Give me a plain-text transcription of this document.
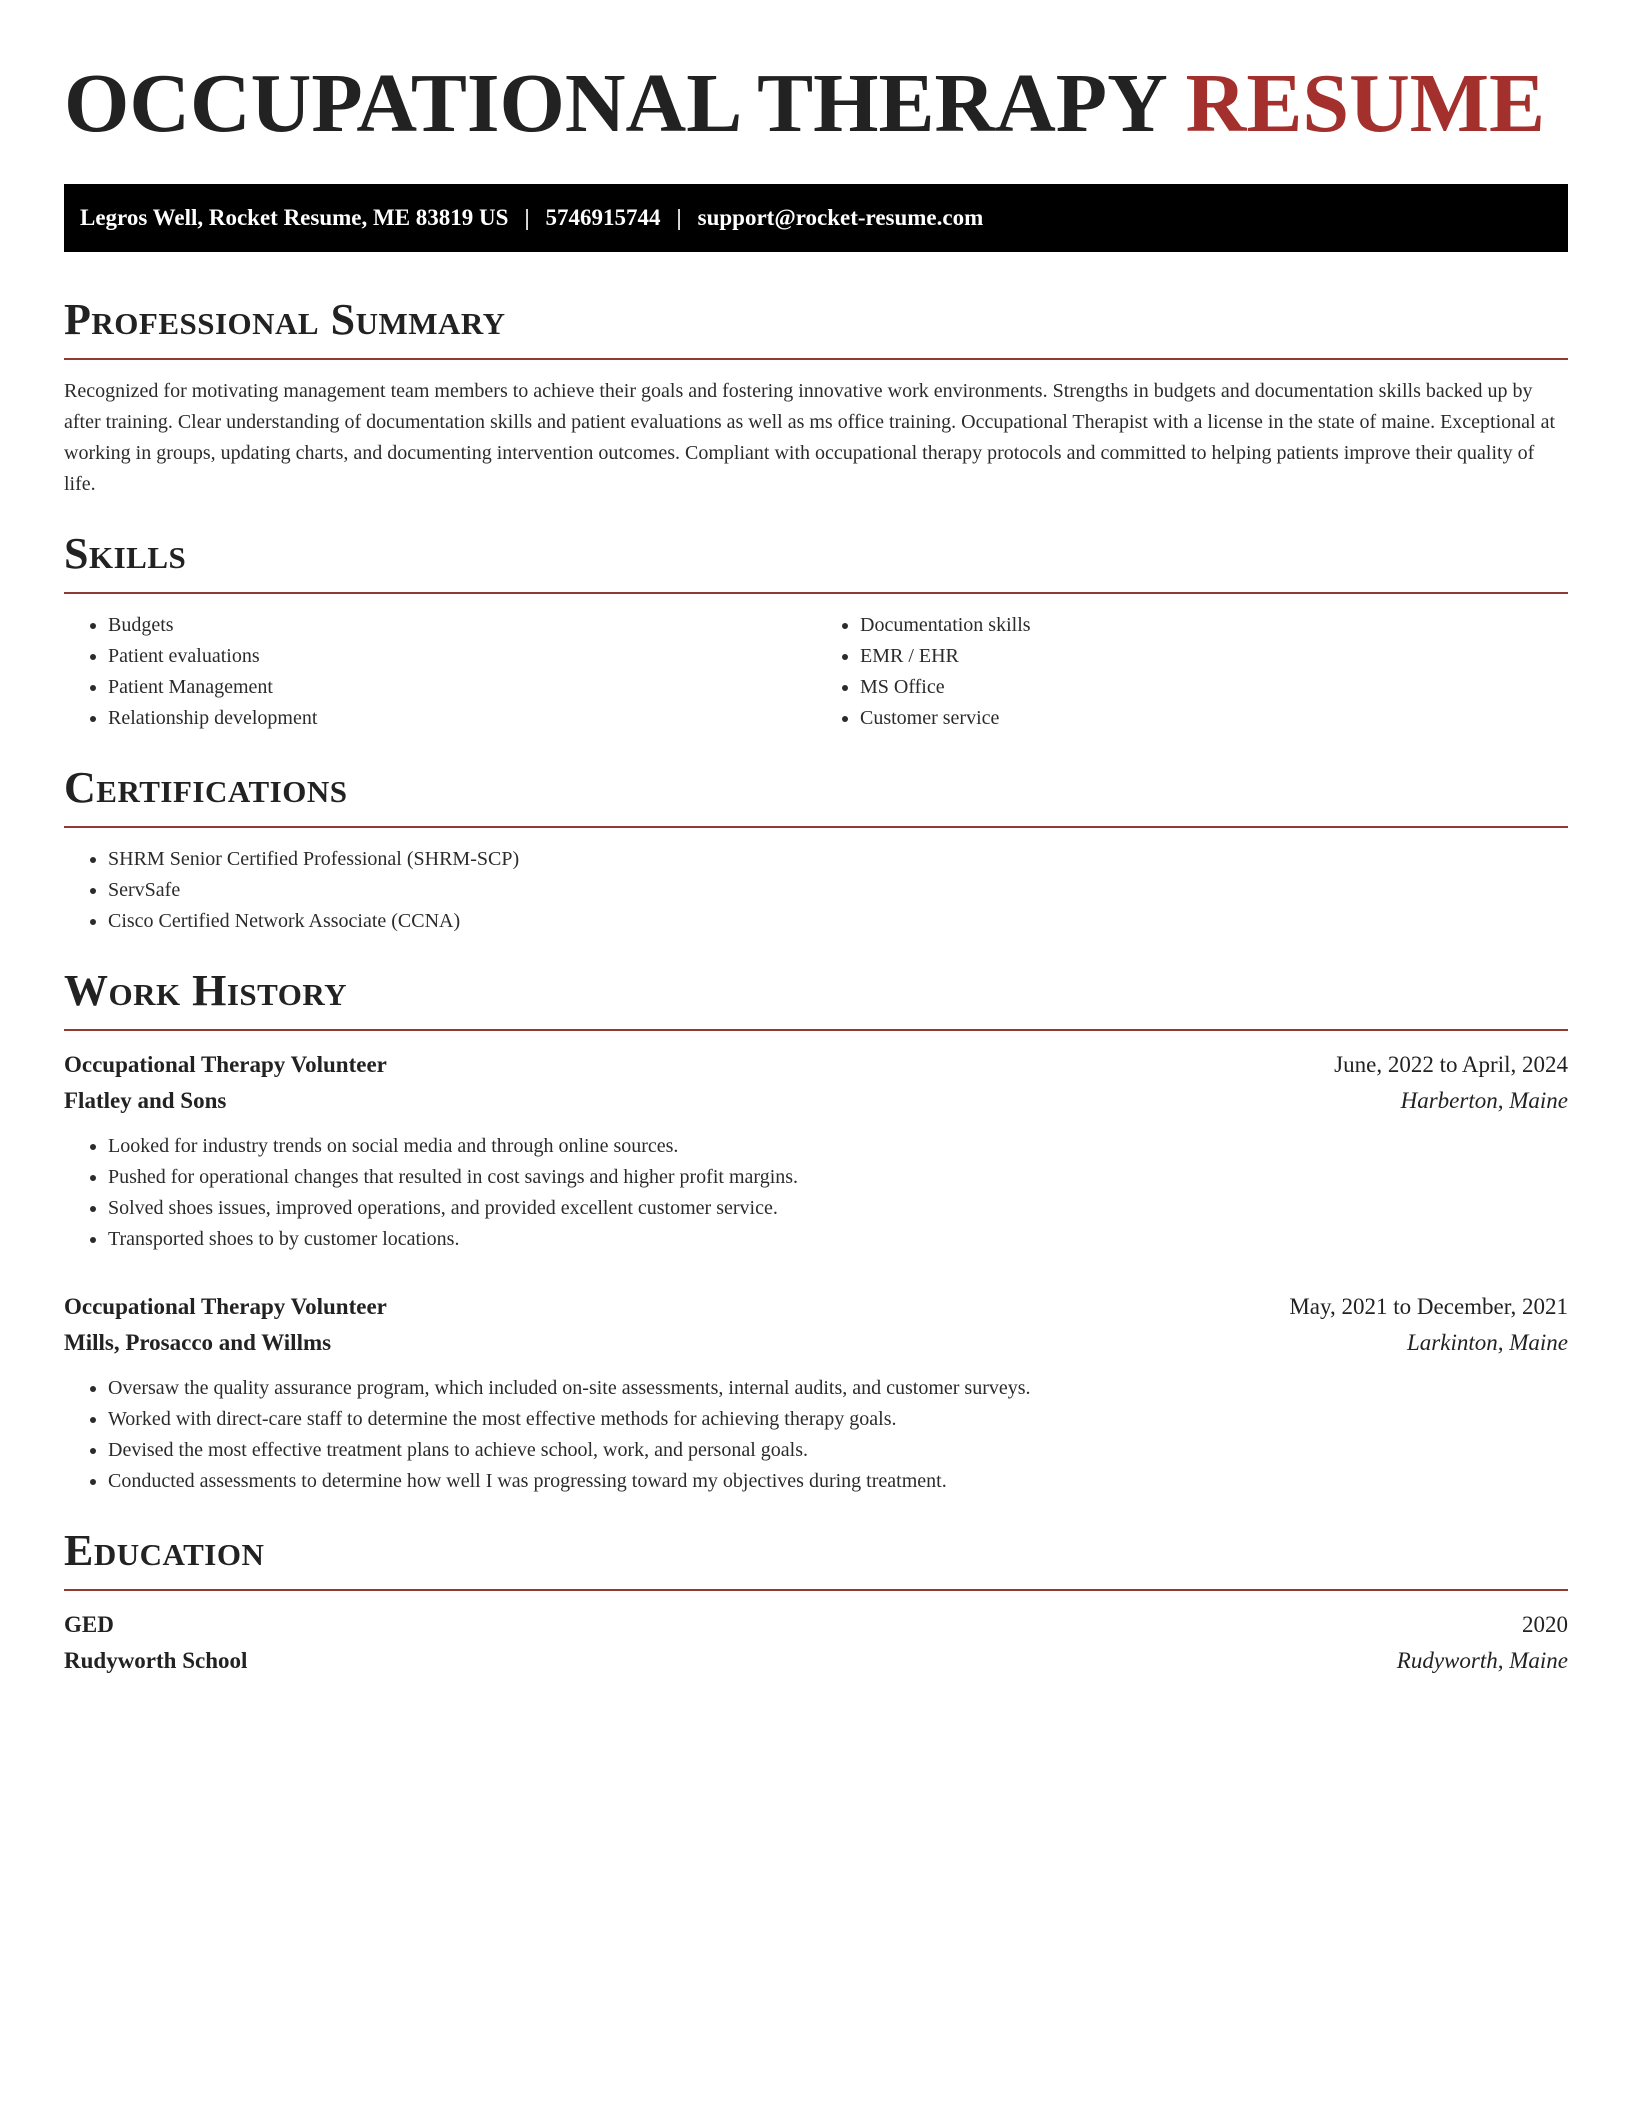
OCCUPATIONAL THERAPY RESUME
Legros Well, Rocket Resume, ME 83819 US | 5746915744 | support@rocket-resume.com
Professional Summary

Recognized for motivating management team members to achieve their goals and fostering innovative work environments. Strengths in budgets and documentation skills backed up by after training. Clear understanding of documentation skills and patient evaluations as well as ms office training. Occupational Therapist with a license in the state of maine. Exceptional at working in groups, updating charts, and documenting intervention outcomes. Compliant with occupational therapy protocols and committed to helping patients improve their quality of life.

Skills
• Budgets
• Patient evaluations
• Patient Management
• Relationship development
• Documentation skills
• EMR / EHR
• MS Office
• Customer service
Certifications
• SHRM Senior Certified Professional (SHRM-SCP)
• ServSafe
• Cisco Certified Network Associate (CCNA)
Work History
Occupational Therapy Volunteer	June, 2022 to April, 2024
Flatley and Sons	Harberton, Maine
• Looked for industry trends on social media and through online sources.
• Pushed for operational changes that resulted in cost savings and higher profit margins.
• Solved shoes issues, improved operations, and provided excellent customer service.
• Transported shoes to by customer locations.
Occupational Therapy Volunteer	May, 2021 to December, 2021
Mills, Prosacco and Willms	Larkinton, Maine
• Oversaw the quality assurance program, which included on-site assessments, internal audits, and customer surveys.
• Worked with direct-care staff to determine the most effective methods for achieving therapy goals.
• Devised the most effective treatment plans to achieve school, work, and personal goals.
• Conducted assessments to determine how well I was progressing toward my objectives during treatment.
Education
GED	2020
Rudyworth School	Rudyworth, Maine
